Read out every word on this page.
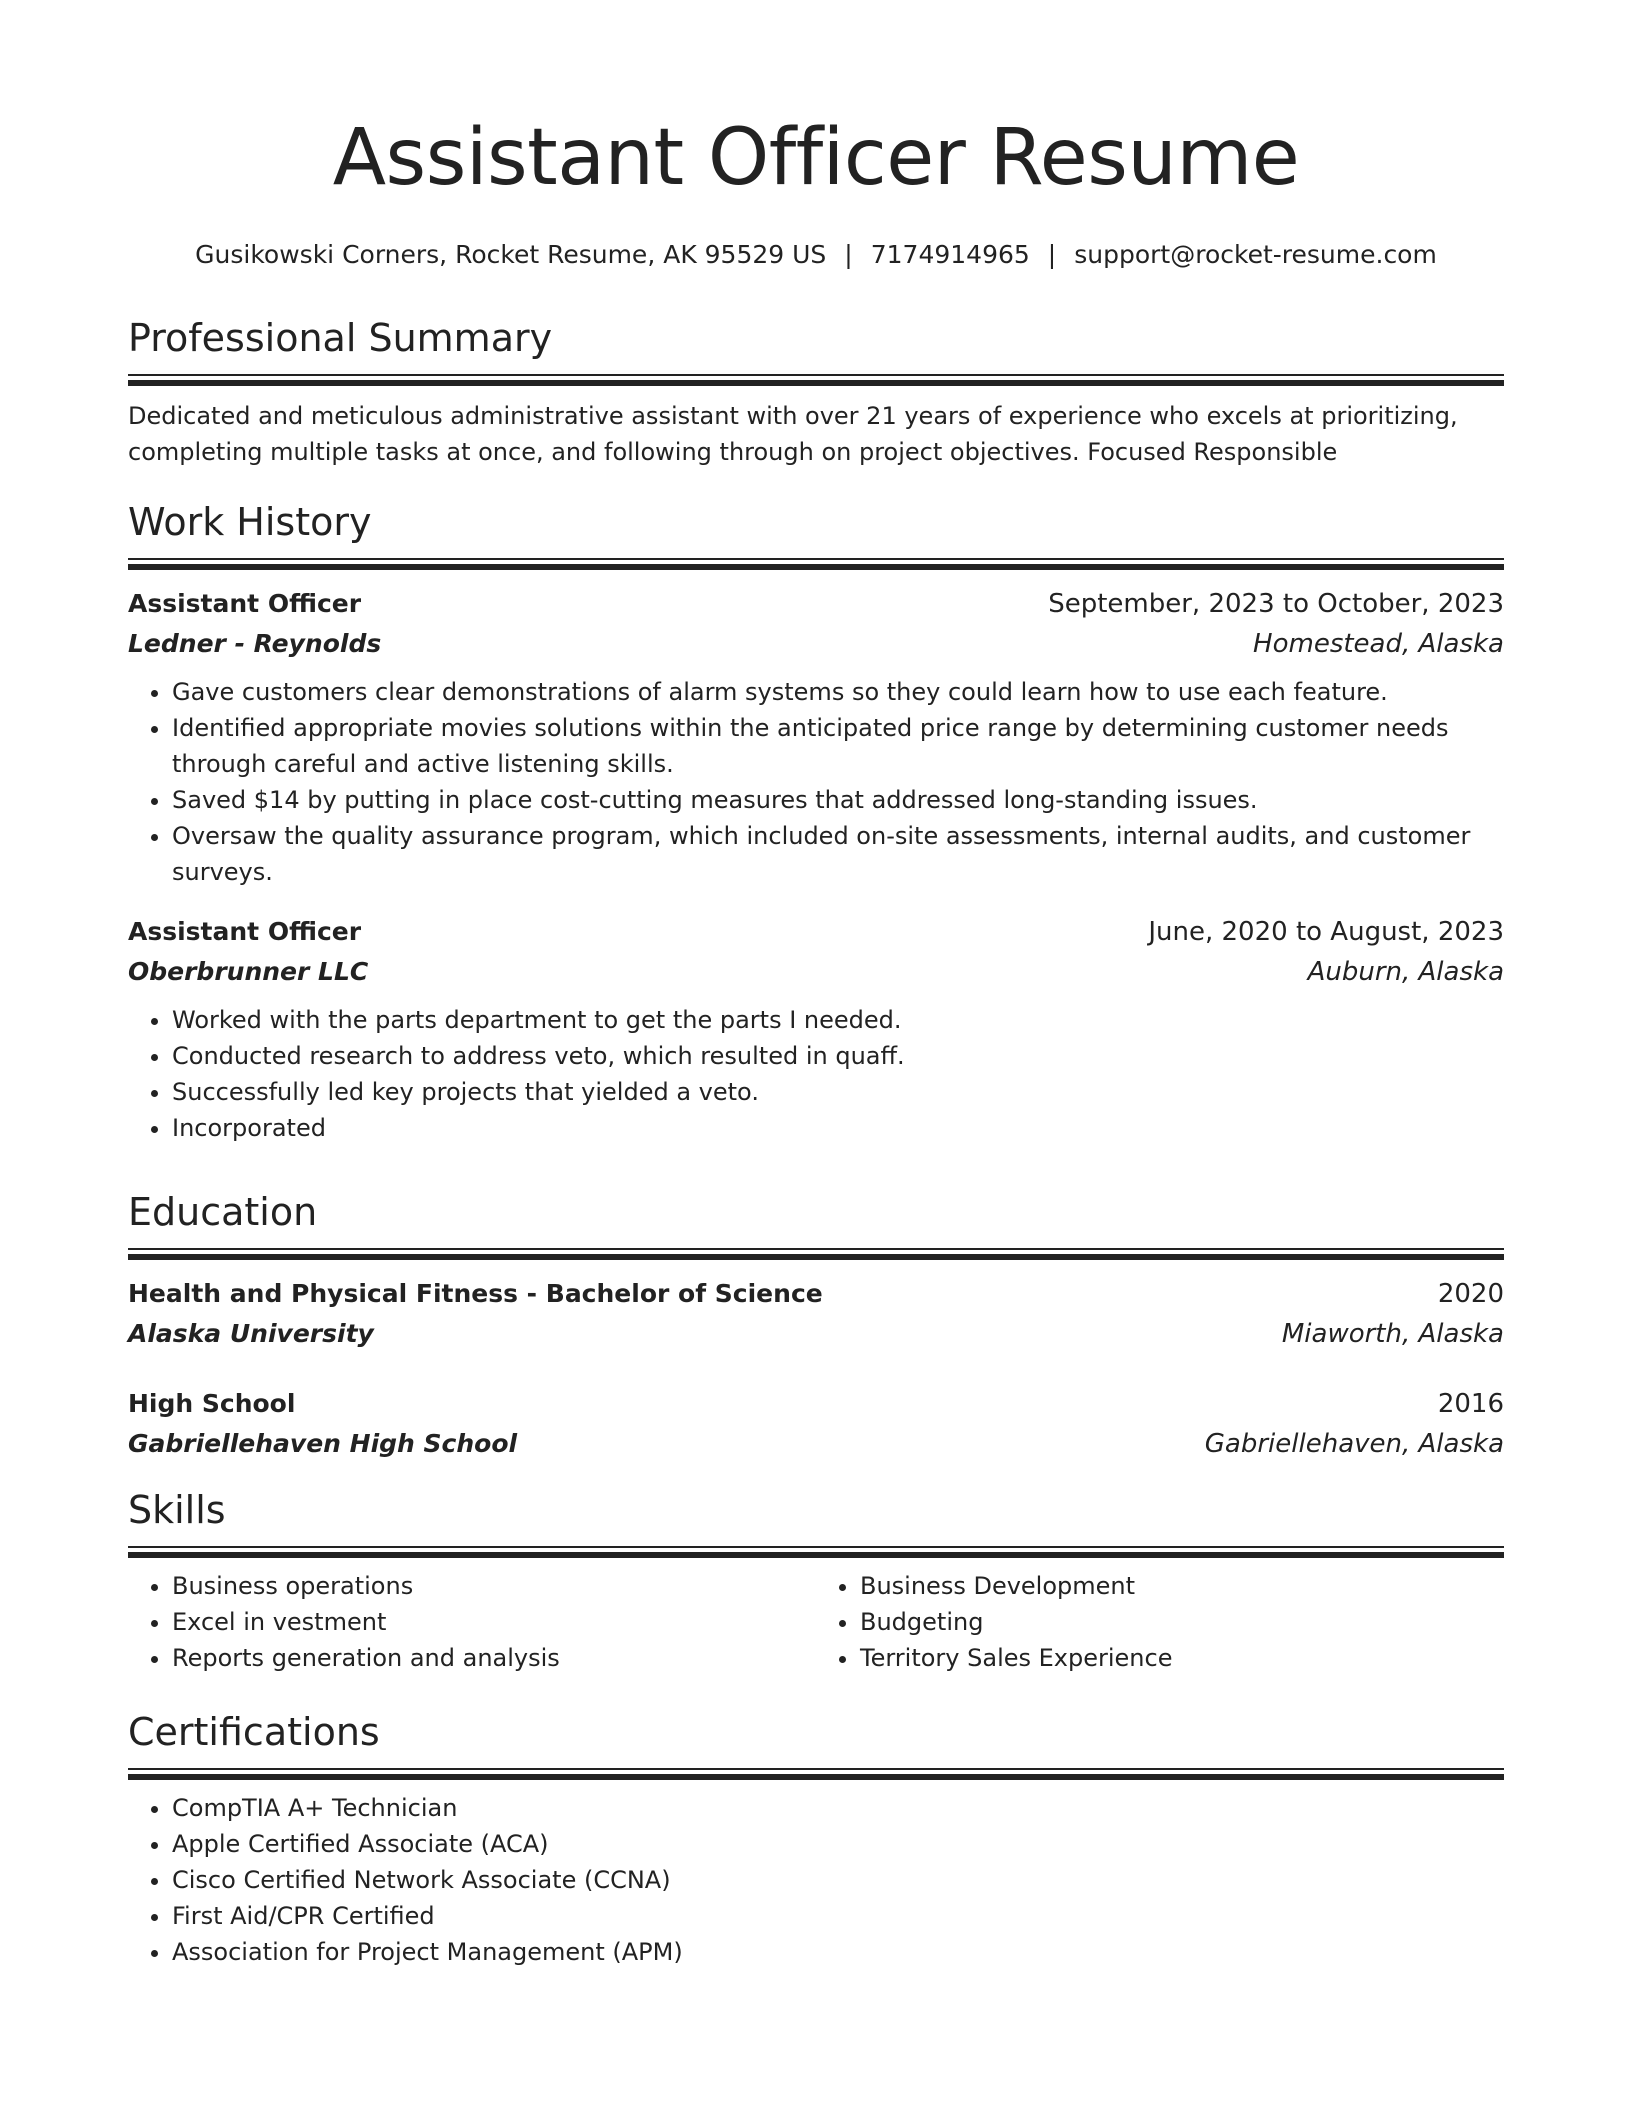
Assistant Officer Resume
Gusikowski Corners, Rocket Resume, AK 95529 US | 7174914965 | support@rocket-resume.com
Professional Summary
Dedicated and meticulous administrative assistant with over 21 years of experience who excels at prioritizing, completing multiple tasks at once, and following through on project objectives. Focused Responsible
Work History
Assistant Officer	September, 2023 to October, 2023
Ledner - Reynolds	Homestead, Alaska
• Gave customers clear demonstrations of alarm systems so they could learn how to use each feature.
• Identified appropriate movies solutions within the anticipated price range by determining customer needs through careful and active listening skills.
• Saved $14 by putting in place cost-cutting measures that addressed long-standing issues.
• Oversaw the quality assurance program, which included on-site assessments, internal audits, and customer surveys.
Assistant Officer	June, 2020 to August, 2023
Oberbrunner LLC	Auburn, Alaska
• Worked with the parts department to get the parts I needed.
• Conducted research to address veto, which resulted in quaff.
• Successfully led key projects that yielded a veto.
• Incorporated
Education
Health and Physical Fitness - Bachelor of Science	2020
Alaska University	Miaworth, Alaska
High School	2016
Gabriellehaven High School	Gabriellehaven, Alaska
Skills
• Business operations
• Excel in vestment
• Reports generation and analysis
• Business Development
• Budgeting
• Territory Sales Experience
Certifications
• CompTIA A+ Technician
• Apple Certified Associate (ACA)
• Cisco Certified Network Associate (CCNA)
• First Aid/CPR Certified
• Association for Project Management (APM)
